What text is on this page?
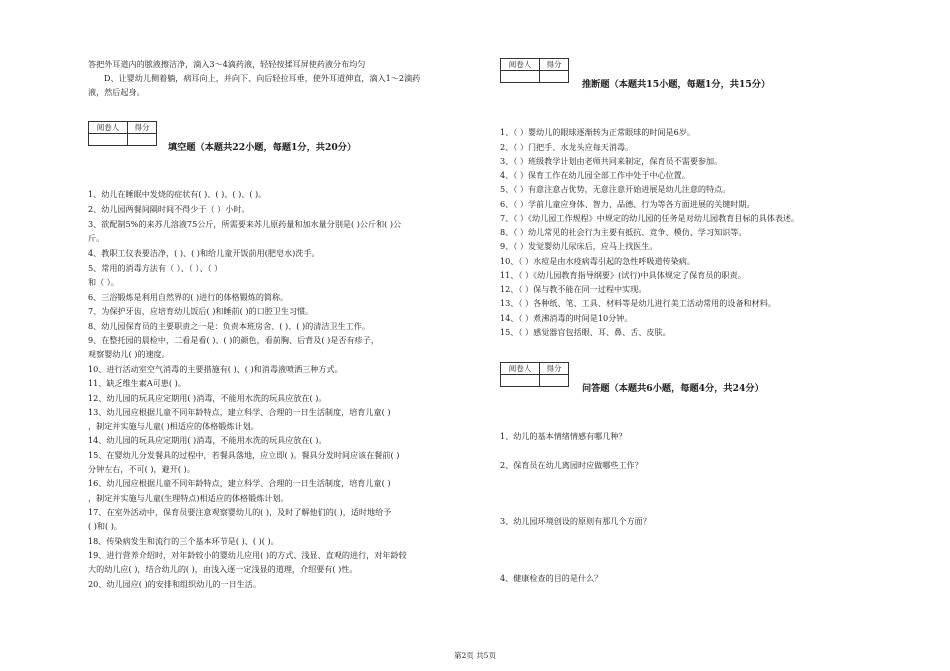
答把外耳道内的脓液擦洁净，滴入3～4滴药液，轻轻按揉耳屏使药液分布均匀
D、让婴幼儿侧着躺，病耳向上，并向下、向后轻拉耳垂，使外耳道伸直，滴入1～2滴药
液，然后起身。
阅卷人	得分

填空题（本题共22小题，每题1分，共20分）
1、幼儿在睡眠中发烧的症状有( )、( )、( )、( )。
2、幼儿园两餐间隔时间不得少于（ ）小时。
3、欲配制5%的来苏儿溶液75公斤，所需要来苏儿原药量和加水量分别是( )公斤和( )公
斤。
4、教职工仪表要洁净，( )、( )和给儿童开饭前用(肥皂水)洗手。
5、常用的消毒方法有（ ）、（ ）、（ ）
和（ ）。
6、三浴锻炼是利用自然界的( )进行的体格锻炼的简称。
7、为保护牙齿，应培育幼儿饭后( )和睡前( )的口腔卫生习惯。
8、幼儿园保育员的主要职责之一是：负责本班房舍、( )、( )的清洁卫生工作。
9、在整托园的晨检中，二看是看( )、( )的颜色，看前胸、后背及( )是否有疹子，
观察婴幼儿( )的速度。
10、进行活动室空气消毒的主要措施有( )、( )和消毒液喷洒三种方式。
11、缺乏维生素A可患( )。
12、幼儿园的玩具应定期用( )消毒，不能用水洗的玩具应放在( )。
13、幼儿园应根据儿童不同年龄特点，建立科学、合理的一日生活制度，培育儿童( )
，制定并实施与儿童( )相适应的体格锻炼计划。
14、幼儿园的玩具应定期用( )消毒，不能用水洗的玩具应放在( )。
15、在婴幼儿分发餐具的过程中，若餐具落地，应立即( )。餐具分发时间应该在餐前( )
分钟左右，不可( )，避开( )。
16、幼儿园应根据儿童不同年龄特点，建立科学、合理的一日生活制度，培育儿童( )
，制定并实施与儿童(生理特点)相适应的体格锻炼计划。
17、在室外活动中，保育员要注意观察婴幼儿的( )，及时了解他们的( )，适时地给予
( )和( )。
18、传染病发生和流行的三个基本环节是( )、( )( )。
19、进行营养介绍时，对年龄较小的婴幼儿应用( )的方式、浅显、直观的进行，对年龄较
大的幼儿应( )，结合幼儿的( )，由浅入逐一定浅显的道理，介绍要有( )性。
20、幼儿园应( )的安排和组织幼儿的一日生活。
阅卷人	得分

推断题（本题共15小题，每题1分，共15分）
1、（ ）婴幼儿的眼球逐渐转为正常眼球的时间是6岁。
2、（ ）门把手、水龙头应每天消毒。
3、（ ）班级教学计划由老师共同来制定，保育员不需要参加。
4、（ ）保育工作在幼儿园全部工作中处于中心位置。
5、（ ）有意注意占优势，无意注意开始进展是幼儿注意的特点。
6、（ ）学前儿童应身体、智力、品德、行为等各方面进展的关键时期。
7、（ ）《幼儿园工作规程》中规定的幼儿园的任务是对幼儿园教育目标的具体表述。
8、（ ）幼儿常见的社会行为主要有抵抗、竞争、模仿、学习知识等。
9、（ ）发觉婴幼儿尿床后，应马上找医生。
10、（ ）水痘是由水疫病毒引起的急性呼吸道传染病。
11、（ ）《幼儿园教育指导纲要》(试行)中具体规定了保育员的职责。
12、（ ）保与教不能在同一过程中实现。
13、（ ）各种纸、笔、工具、材料等是幼儿进行美工活动常用的设备和材料。
14、（ ）煮沸消毒的时间是10分钟。
15、（ ）感觉器官包括眼、耳、鼻、舌、皮肤。
阅卷人	得分

问答题（本题共6小题，每题4分，共24分）
1、幼儿的基本情绪情感有哪几种？
2、保育员在幼儿离园时应做哪些工作？
3、幼儿园环境创设的原则有那几个方面？
4、健康检查的目的是什么？
第2页 共5页
